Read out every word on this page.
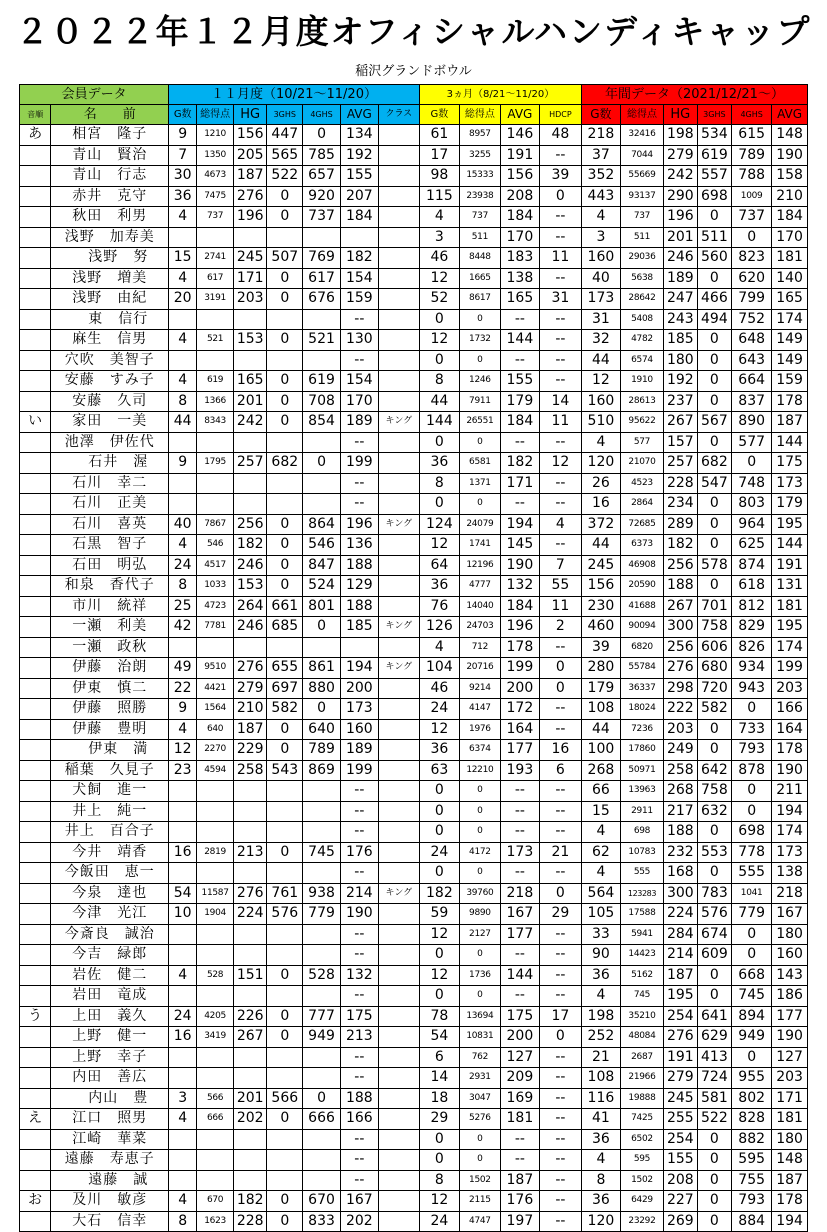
２０２２年１２月度オフィシャルハンディキャップ
稲沢グランドボウル
会員データ		１１月度（10/21～11/20）							3ヵ月（8/21～11/20）				年間データ（2021/12/21～）					
音順	名　　前	G数	総得点	HG	3GHS	4GHS	AVG	クラス	G数	総得点	AVG	HDCP	G数	総得点	HG	3GHS	4GHS	AVG
あ	相宮　隆子	9	1210	156	447	0	134		61	8957	146	48	218	32416	198	534	615	148
	青山　賢治	7	1350	205	565	785	192		17	3255	191	--	37	7044	279	619	789	190
	青山　行志	30	4673	187	522	657	155		98	15333	156	39	352	55669	242	557	788	158
	赤井　克守	36	7475	276	0	920	207		115	23938	208	0	443	93137	290	698	1009	210
	秋田　利男	4	737	196	0	737	184		4	737	184	--	4	737	196	0	737	184
	浅野　加寿美								3	511	170	--	3	511	201	511	0	170
	浅野　努	15	2741	245	507	769	182		46	8448	183	11	160	29036	246	560	823	181
	浅野　増美	4	617	171	0	617	154		12	1665	138	--	40	5638	189	0	620	140
	浅野　由紀	20	3191	203	0	676	159		52	8617	165	31	173	28642	247	466	799	165
	東　信行						--		0	0	--	--	31	5408	243	494	752	174
	麻生　信男	4	521	153	0	521	130		12	1732	144	--	32	4782	185	0	648	149
	穴吹　美智子						--		0	0	--	--	44	6574	180	0	643	149
	安藤　すみ子	4	619	165	0	619	154		8	1246	155	--	12	1910	192	0	664	159
	安藤　久司	8	1366	201	0	708	170		44	7911	179	14	160	28613	237	0	837	178
い	家田　一美	44	8343	242	0	854	189	キング	144	26551	184	11	510	95622	267	567	890	187
	池澤　伊佐代						--		0	0	--	--	4	577	157	0	577	144
	石井　渥	9	1795	257	682	0	199		36	6581	182	12	120	21070	257	682	0	175
	石川　幸二						--		8	1371	171	--	26	4523	228	547	748	173
	石川　正美						--		0	0	--	--	16	2864	234	0	803	179
	石川　喜英	40	7867	256	0	864	196	キング	124	24079	194	4	372	72685	289	0	964	195
	石黒　智子	4	546	182	0	546	136		12	1741	145	--	44	6373	182	0	625	144
	石田　明弘	24	4517	246	0	847	188		64	12196	190	7	245	46908	256	578	874	191
	和泉　香代子	8	1033	153	0	524	129		36	4777	132	55	156	20590	188	0	618	131
	市川　統祥	25	4723	264	661	801	188		76	14040	184	11	230	41688	267	701	812	181
	一瀬　利美	42	7781	246	685	0	185	キング	126	24703	196	2	460	90094	300	758	829	195
	一瀬　政秋								4	712	178	--	39	6820	256	606	826	174
	伊藤　治朗	49	9510	276	655	861	194	キング	104	20716	199	0	280	55784	276	680	934	199
	伊東　慎二	22	4421	279	697	880	200		46	9214	200	0	179	36337	298	720	943	203
	伊藤　照勝	9	1564	210	582	0	173		24	4147	172	--	108	18024	222	582	0	166
	伊藤　豊明	4	640	187	0	640	160		12	1976	164	--	44	7236	203	0	733	164
	伊東　満	12	2270	229	0	789	189		36	6374	177	16	100	17860	249	0	793	178
	稲葉　久見子	23	4594	258	543	869	199		63	12210	193	6	268	50971	258	642	878	190
	犬飼　進一						--		0	0	--	--	66	13963	268	758	0	211
	井上　純一						--		0	0	--	--	15	2911	217	632	0	194
	井上　百合子						--		0	0	--	--	4	698	188	0	698	174
	今井　靖香	16	2819	213	0	745	176		24	4172	173	21	62	10783	232	553	778	173
	今飯田　恵一						--		0	0	--	--	4	555	168	0	555	138
	今泉　達也	54	11587	276	761	938	214	キング	182	39760	218	0	564	123283	300	783	1041	218
	今津　光江	10	1904	224	576	779	190		59	9890	167	29	105	17588	224	576	779	167
	今斎良　誠治						--		12	2127	177	--	33	5941	284	674	0	180
	今吉　緑郎						--		0	0	--	--	90	14423	214	609	0	160
	岩佐　健二	4	528	151	0	528	132		12	1736	144	--	36	5162	187	0	668	143
	岩田　竜成						--		0	0	--	--	4	745	195	0	745	186
う	上田　義久	24	4205	226	0	777	175		78	13694	175	17	198	35210	254	641	894	177
	上野　健一	16	3419	267	0	949	213		54	10831	200	0	252	48084	276	629	949	190
	上野　幸子						--		6	762	127	--	21	2687	191	413	0	127
	内田　善広						--		14	2931	209	--	108	21966	279	724	955	203
	内山　豊	3	566	201	566	0	188		18	3047	169	--	116	19888	245	581	802	171
え	江口　照男	4	666	202	0	666	166		29	5276	181	--	41	7425	255	522	828	181
	江崎　華菜						--		0	0	--	--	36	6502	254	0	882	180
	遠藤　寿恵子						--		0	0	--	--	4	595	155	0	595	148
	遠藤　誠						--		8	1502	187	--	8	1502	208	0	755	187
お	及川　敏彦	4	670	182	0	670	167		12	2115	176	--	36	6429	227	0	793	178
	大石　信幸	8	1623	228	0	833	202		24	4747	197	--	120	23292	269	0	884	194
